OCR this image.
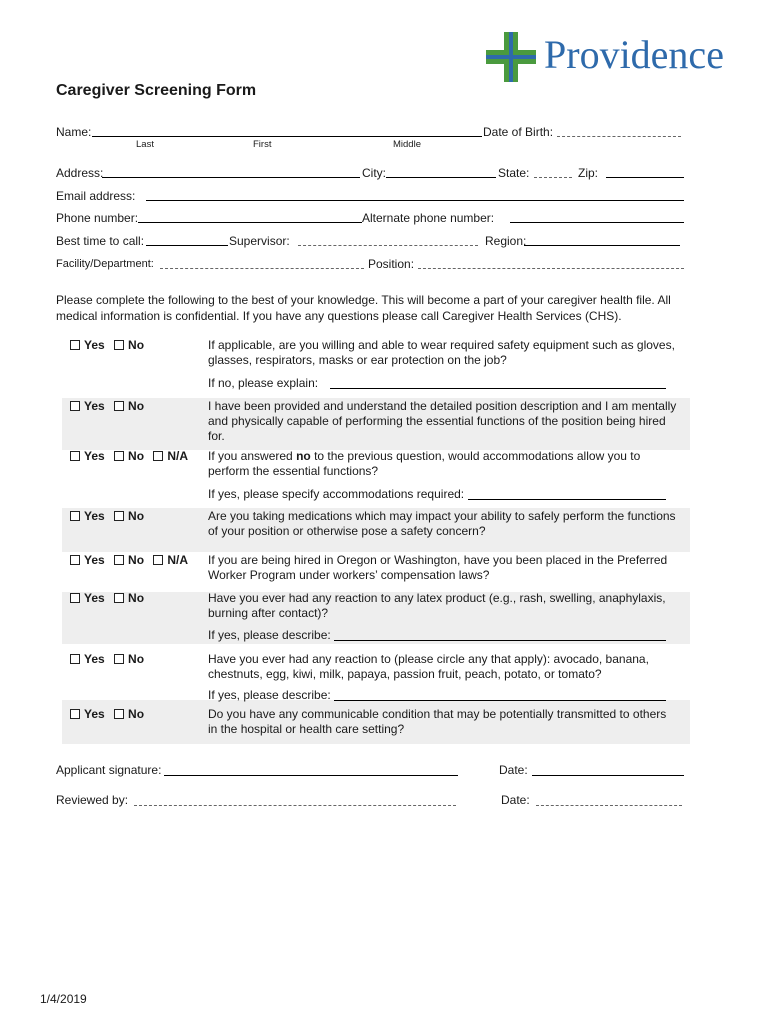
Providence
Caregiver Screening Form
Name:
Last	First	Middle
Date of Birth:
Address:	City:	State:	Zip:
Email address:
Phone number:	Alternate phone number:
Best time to call:	Supervisor:	Region:
Facility/Department:	Position:
Please complete the following to the best of your knowledge. This will become a part of your caregiver health file. All medical information is confidential. If you have any questions please call Caregiver Health Services (CHS).
Yes No	If applicable, are you willing and able to wear required safety equipment such as gloves, glasses, respirators, masks or ear protection on the job?
If no, please explain:
Yes No	I have been provided and understand the detailed position description and I am mentally and physically capable of performing the essential functions of the position being hired for.
Yes No N/A	If you answered no to the previous question, would accommodations allow you to perform the essential functions?
If yes, please specify accommodations required:
Yes No	Are you taking medications which may impact your ability to safely perform the functions of your position or otherwise pose a safety concern?
Yes No N/A	If you are being hired in Oregon or Washington, have you been placed in the Preferred Worker Program under workers’ compensation laws?
Yes No	Have you ever had any reaction to any latex product (e.g., rash, swelling, anaphylaxis, burning after contact)?
If yes, please describe:
Yes No	Have you ever had any reaction to (please circle any that apply): avocado, banana, chestnuts, egg, kiwi, milk, papaya, passion fruit, peach, potato, or tomato?
If yes, please describe:
Yes No	Do you have any communicable condition that may be potentially transmitted to others in the hospital or health care setting?
Applicant signature:	Date:
Reviewed by:	Date:
1/4/2019
